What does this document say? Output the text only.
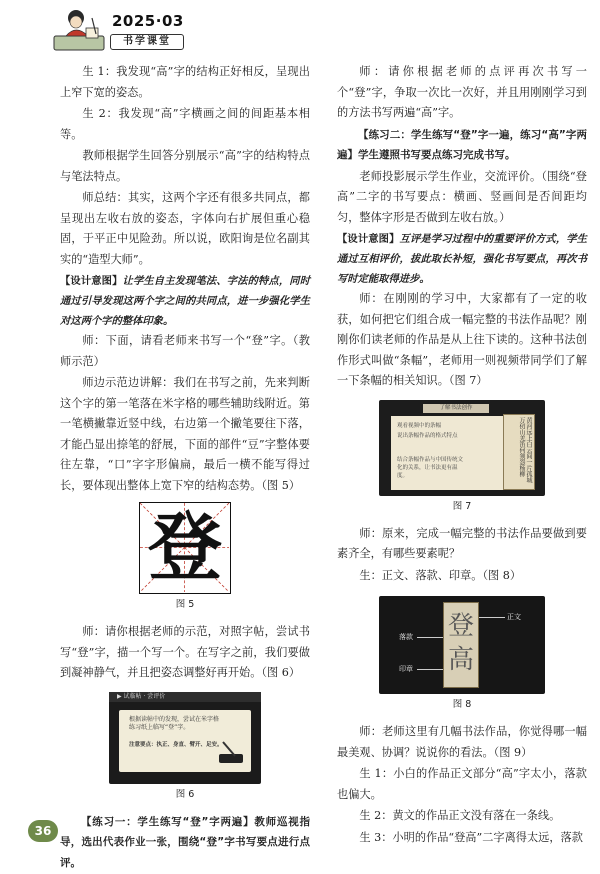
2025·03
书学课堂

生 1：我发现“高”字的结构正好相反，呈现出上窄下宽的姿态。

生 2：我发现“高”字横画之间的间距基本相等。

教师根据学生回答分别展示“高”字的结构特点与笔法特点。

师总结：其实，这两个字还有很多共同点，都呈现出左收右放的姿态，字体向右扩展但重心稳固，于平正中见险劲。所以说，欧阳询是位名副其实的“造型大师”。

【设计意图】让学生自主发现笔法、字法的特点，同时通过引导发现这两个字之间的共同点，进一步强化学生对这两个字的整体印象。

师：下面，请看老师来书写一个“登”字。（教师示范）

师边示范边讲解：我们在书写之前，先来判断这个字的第一笔落在米字格的哪些辅助线附近。第一笔横撇靠近竖中线，右边第一个撇笔要往下落，才能凸显出捺笔的舒展，下面的部件“豆”字整体要往左靠，“口”字字形偏扁，最后一横不能写得过长，要体现出整体上宽下窄的结构态势。（图 5）

登
图 5

师：请你根据老师的示范，对照字帖，尝试书写“登”字，描一个写一个。在写字之前，我们要做到凝神静气，并且把姿态调整好再开始。（图 6）

▶ 试临帖 · 尝评价
根据读帖中的发现，尝试在米字格练习纸上临写“登”字。
注意要点：执正、身直、臂开、足安。
图 6

【练习一：学生练写“登”字两遍】教师巡视指导，选出代表作业一张，围绕“登”字书写要点进行点评。

师：请你根据老师的点评再次书写一个“登”字，争取一次比一次好，并且用刚刚学习到的方法书写两遍“高”字。

【练习二：学生练写“登”字一遍，练习“高”字两遍】学生遵照书写要点练习完成书写。

老师投影展示学生作业，交流评价。（围绕“登高”二字的书写要点：横画、竖画间是否间距均匀，整体字形是否做到左收右放。）

【设计意图】互评是学习过程中的重要评价方式，学生通过互相评价，拔此取长补短，强化书写要点，再次书写时定能取得进步。

师：在刚刚的学习中，大家都有了一定的收获，如何把它们组合成一幅完整的书法作品呢？刚刚你们读老师的作品是从上往下读的。这种书法创作形式叫做“条幅”，老师用一则视频带同学们了解一下条幅的相关知识。（图 7）

了解书法创作
观看视频中的条幅
说出条幅作品的格式特点
结合条幅作品与中国传统文化的关系，让书法更有温度。	黄河远上白云间一片孤城万仞山羌笛何须怨杨柳
图 7

师：原来，完成一幅完整的书法作品要做到要素齐全，有哪些要素呢？

生：正文、落款、印章。（图 8）

登
高
正文
落款
印章
图 8

师：老师这里有几幅书法作品，你觉得哪一幅最美观、协调？说说你的看法。（图 9）

生 1：小白的作品正文部分“高”字太小，落款也偏大。

生 2：黄文的作品正文没有落在一条线。

生 3：小明的作品“登高”二字离得太远，落款

36
